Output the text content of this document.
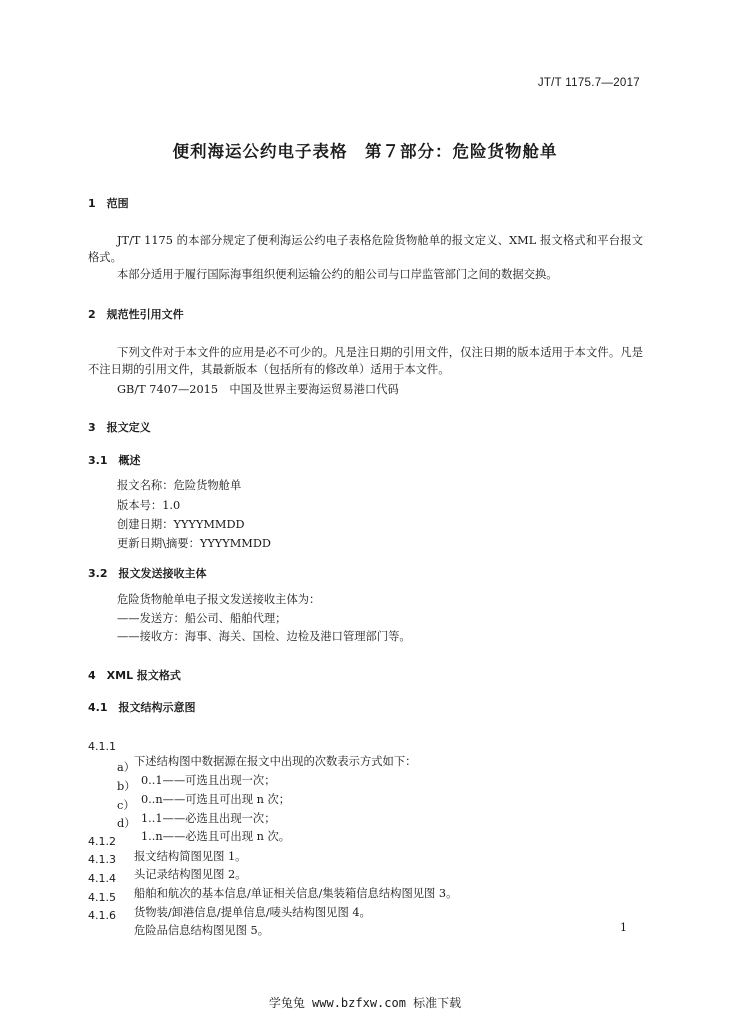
JT/T 1175.7—2017
便利海运公约电子表格　第７部分：危险货物舱单
1　范围
JT/T 1175 的本部分规定了便利海运公约电子表格危险货物舱单的报文定义、XML 报文格式和平台报文格式。
本部分适用于履行国际海事组织便利运输公约的船公司与口岸监管部门之间的数据交换。
2　规范性引用文件
下列文件对于本文件的应用是必不可少的。凡是注日期的引用文件，仅注日期的版本适用于本文件。凡是不注日期的引用文件，其最新版本（包括所有的修改单）适用于本文件。
GB/T 7407—2015　中国及世界主要海运贸易港口代码
3　报文定义
3.1　概述
报文名称：危险货物舱单
版本号：1.0
创建日期：YYYYMMDD
更新日期\摘要：YYYYMMDD
3.2　报文发送接收主体
危险货物舱单电子报文发送接收主体为：
——发送方：船公司、船舶代理；
——接收方：海事、海关、国检、边检及港口管理部门等。
4　XML 报文格式
4.1　报文结构示意图

4.1.1

下述结构图中数据源在报文中出现的次数表示方式如下：

a）

0..1——可选且出现一次；

b）

0..n——可选且可出现 n 次；

c）

1..1——必选且出现一次；

d）

1..n——必选且可出现 n 次。

4.1.2

报文结构简图见图 1。

4.1.3

头记录结构图见图 2。

4.1.4

船舶和航次的基本信息/单证相关信息/集装箱信息结构图见图 3。

4.1.5

货物装/卸港信息/提单信息/唛头结构图见图 4。

4.1.6

危险品信息结构图见图 5。	1
学兔兔 www.bzfxw.com 标准下载
